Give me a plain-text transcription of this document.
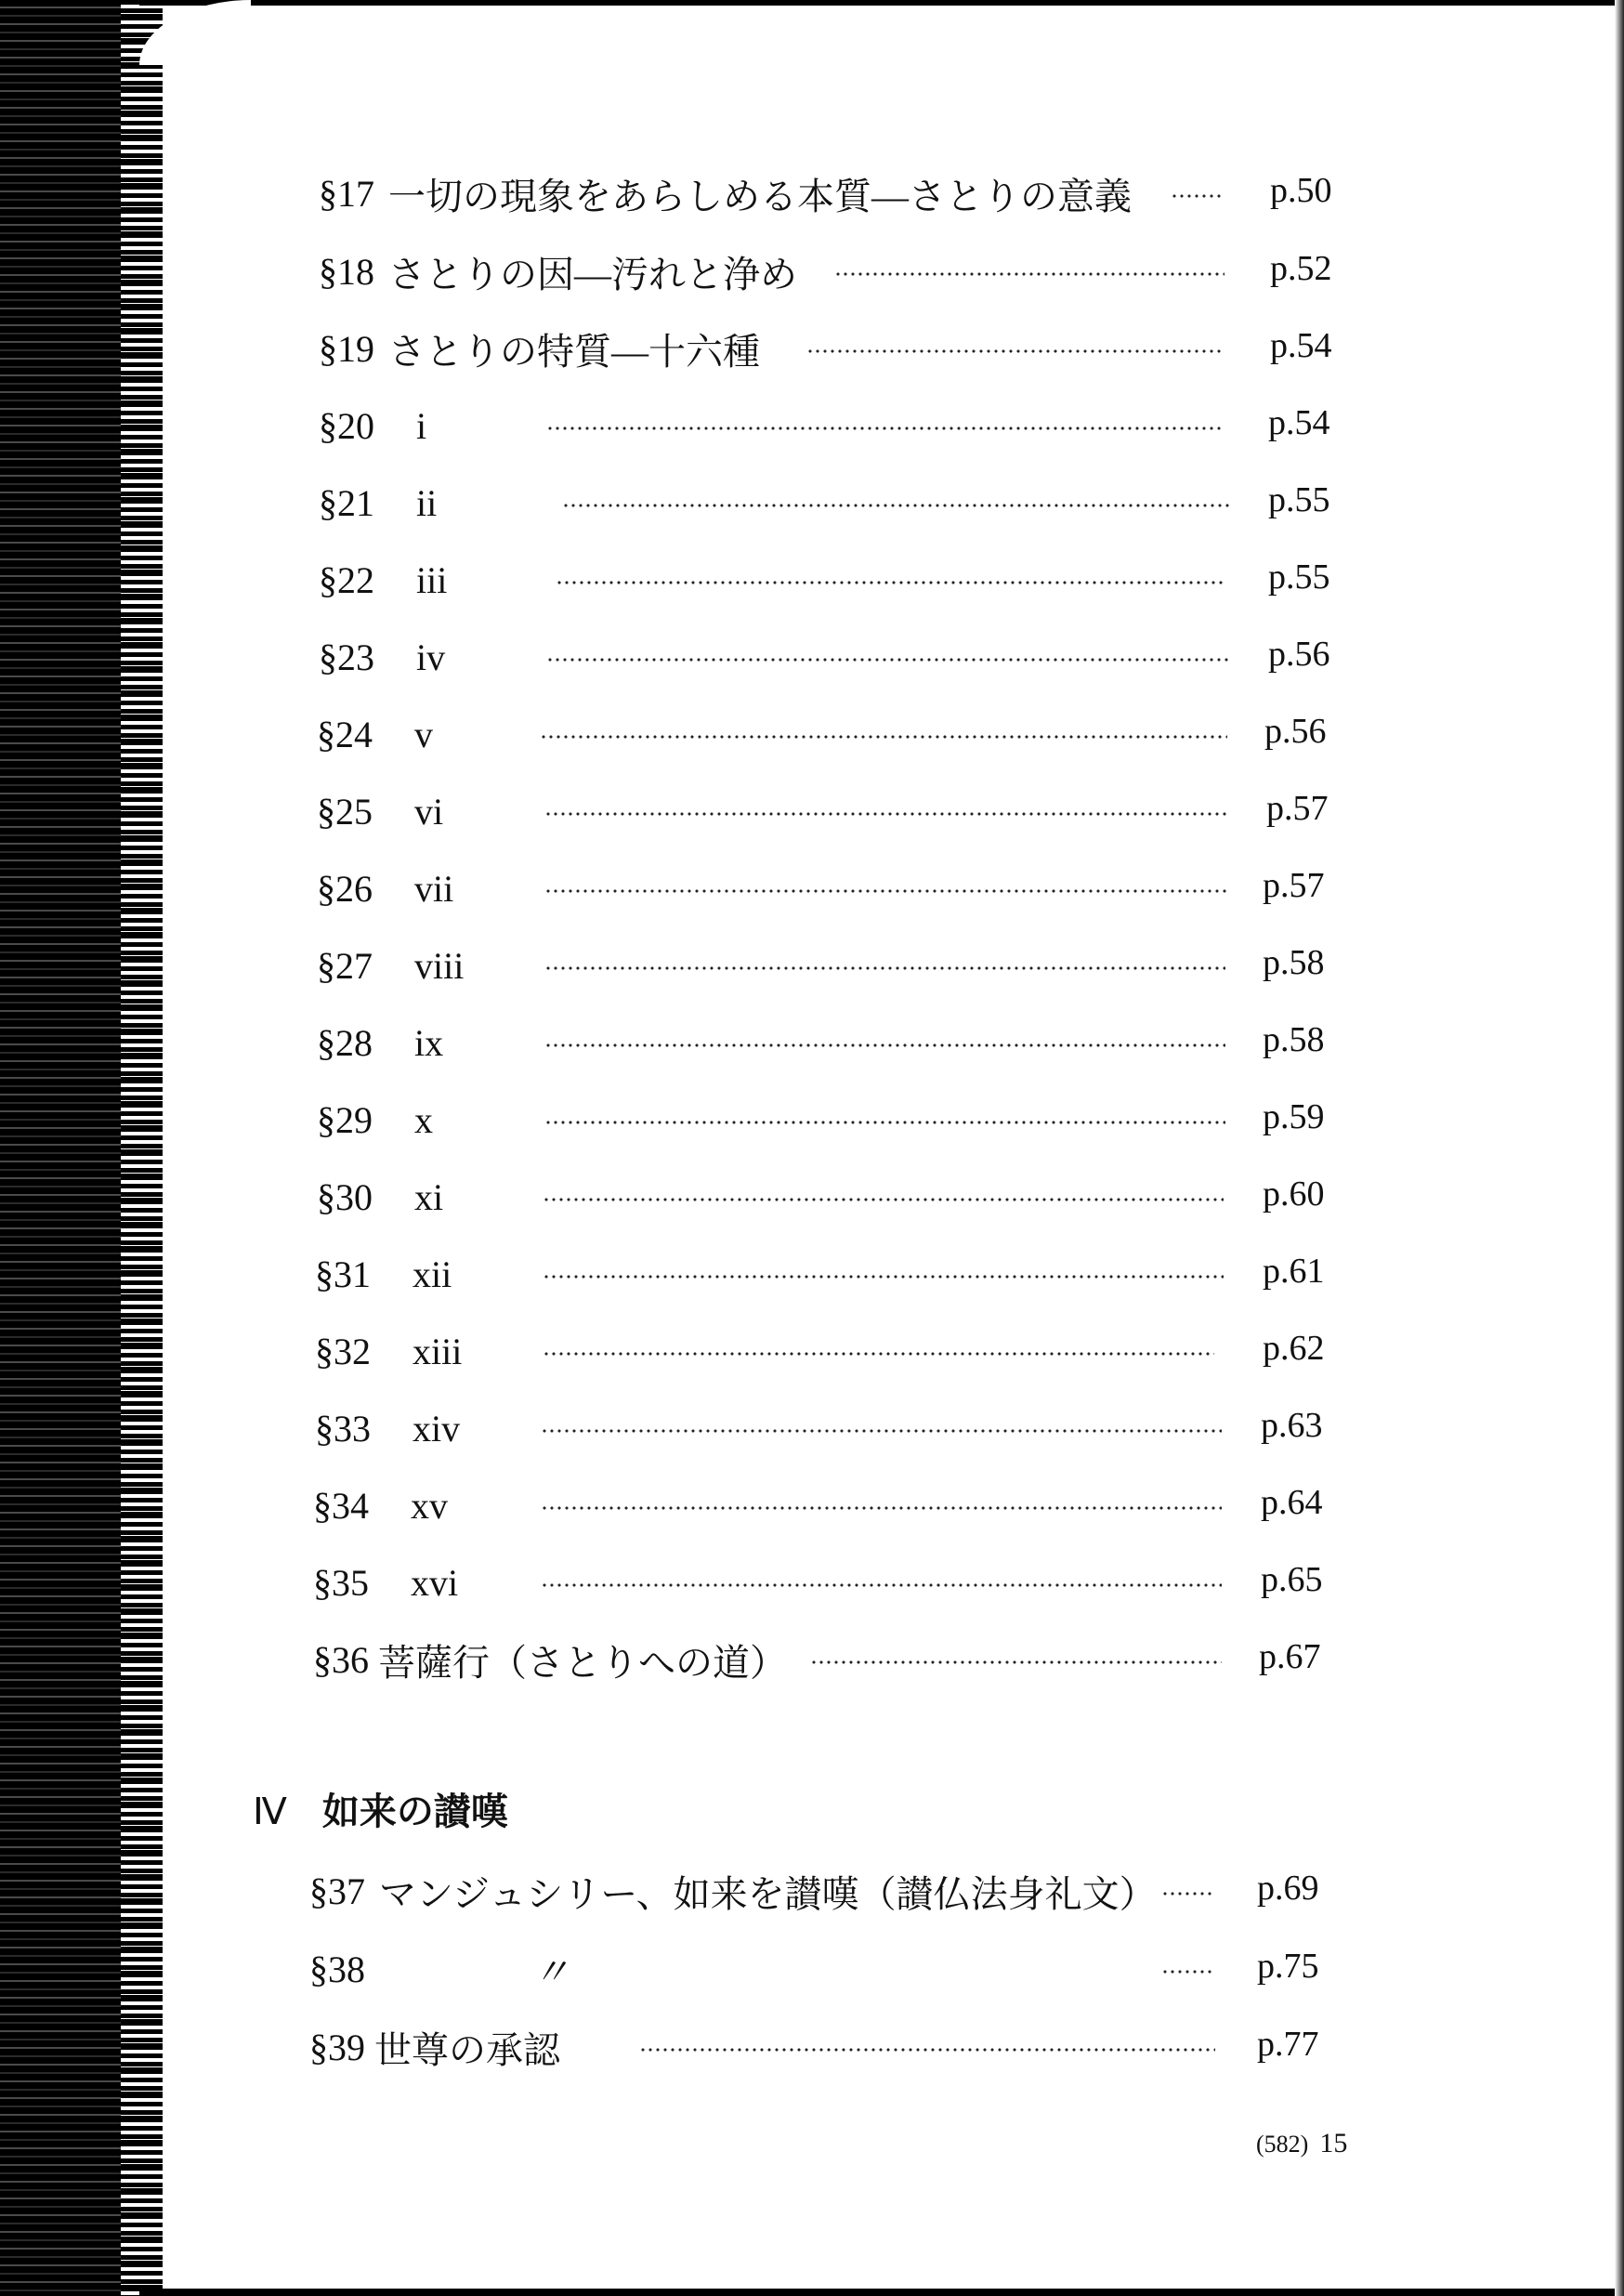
§17 一切の現象をあらしめる本質―さとりの意義	p.50
§18 さとりの因―汚れと浄め	p.52
§19 さとりの特質―十六種	p.54
§20	i	p.54
§21	ii	p.55
§22	iii	p.55
§23	iv	p.56
§24	v	p.56
§25	vi	p.57
§26	vii	p.57
§27	viii	p.58
§28	ix	p.58
§29	x	p.59
§30	xi	p.60
§31	xii	p.61
§32	xiii	p.62
§33	xiv	p.63
§34	xv	p.64
§35	xvi	p.65
§36 菩薩行（さとりへの道）	p.67
Ⅳ 如来の讃嘆
§37 マンジュシリー、如来を讃嘆（讃仏法身礼文）	p.69
§38	〃	p.75
§39 世尊の承認	p.77
(582) 15
